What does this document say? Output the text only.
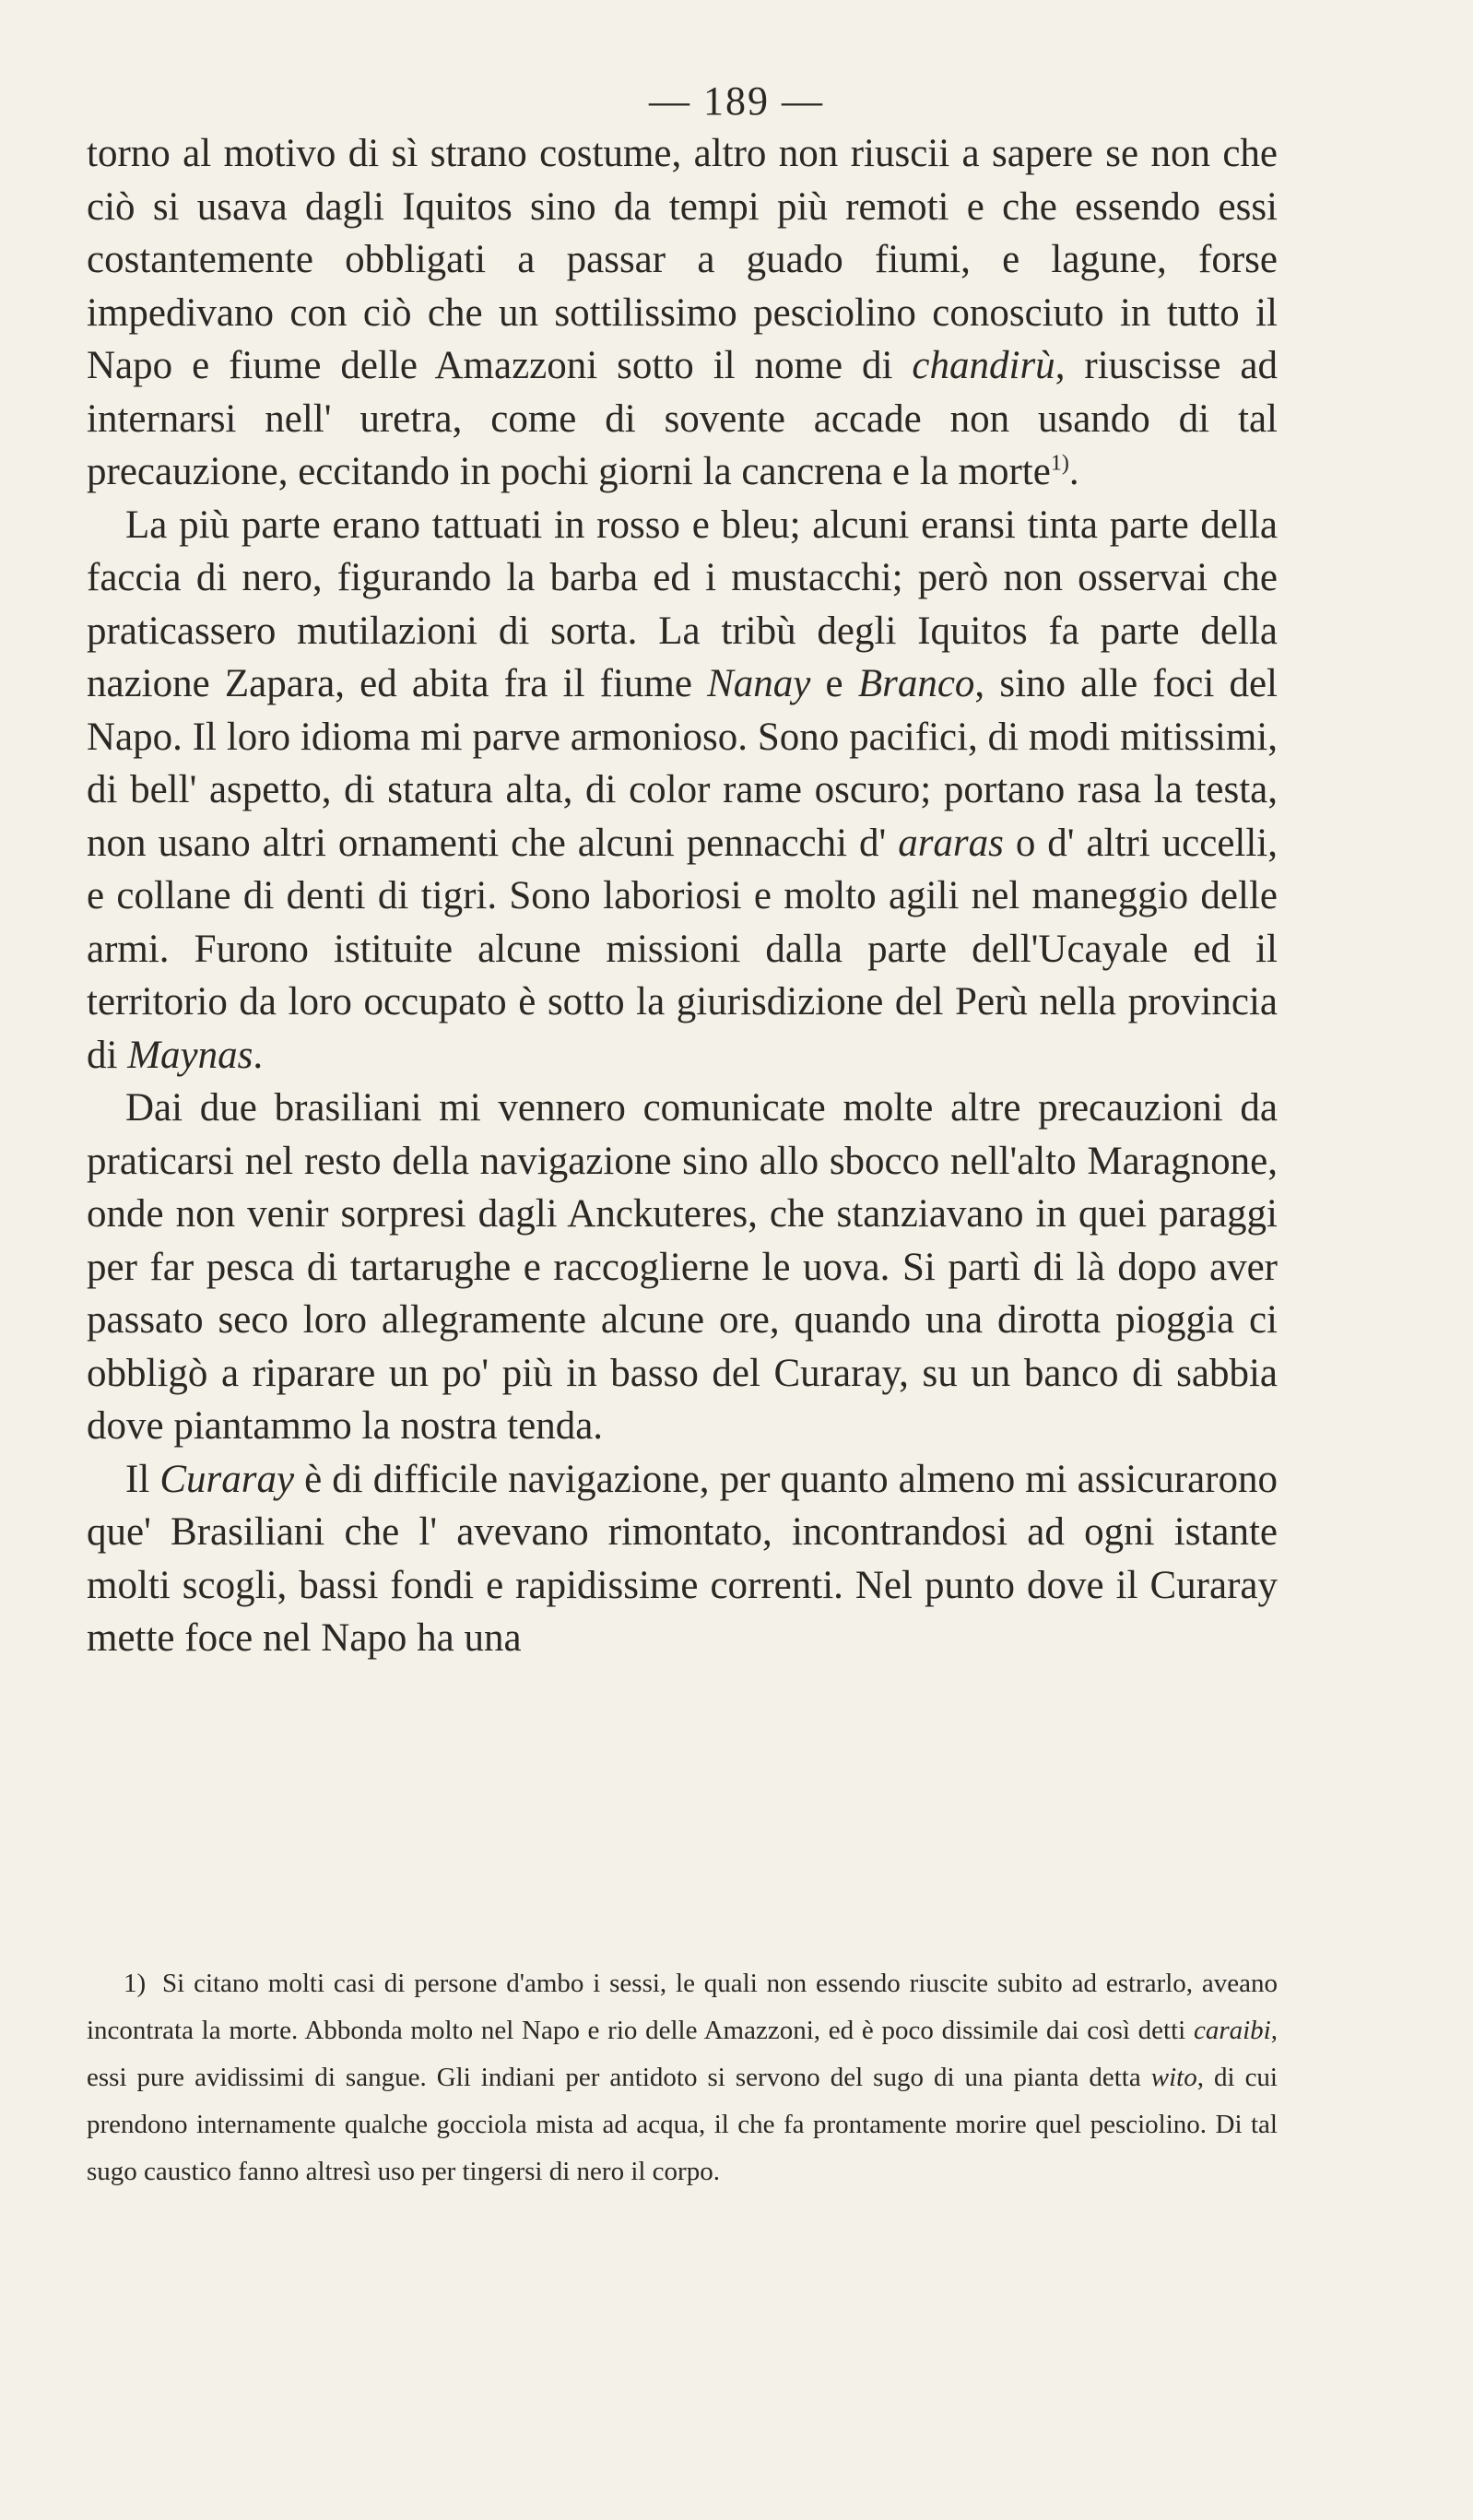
— 189 —

torno al motivo di sì strano costume, altro non riuscii a sapere se non che ciò si usava dagli Iquitos sino da tempi più remoti e che essendo essi costantemente obbligati a passar a guado fiumi, e lagune, forse impedivano con ciò che un sottilissimo pesciolino conosciuto in tutto il Napo e fiume delle Amazzoni sotto il nome di chandirù, riuscisse ad internarsi nell' uretra, come di sovente accade non usando di tal precauzione, eccitando in pochi giorni la cancrena e la morte$^{1)}$.

La più parte erano tattuati in rosso e bleu; alcuni eransi tinta parte della faccia di nero, figurando la barba ed i mustacchi; però non osservai che praticassero mutilazioni di sorta. La tribù degli Iquitos fa parte della nazione Zapara, ed abita fra il fiume Nanay e Branco, sino alle foci del Napo. Il loro idioma mi parve armonioso. Sono pacifici, di modi mitissimi, di bell' aspetto, di statura alta, di color rame oscuro; portano rasa la testa, non usano altri ornamenti che alcuni pennacchi d' araras o d' altri uccelli, e collane di denti di tigri. Sono laboriosi e molto agili nel maneggio delle armi. Furono istituite alcune missioni dalla parte dell'Ucayale ed il territorio da loro occupato è sotto la giurisdizione del Perù nella provincia di Maynas.

Dai due brasiliani mi vennero comunicate molte altre precauzioni da praticarsi nel resto della navigazione sino allo sbocco nell'alto Maragnone, onde non venir sorpresi dagli Anckuteres, che stanziavano in quei paraggi per far pesca di tartarughe e raccoglierne le uova. Si partì di là dopo aver passato seco loro allegramente alcune ore, quando una dirotta pioggia ci obbligò a riparare un po' più in basso del Curaray, su un banco di sabbia dove piantammo la nostra tenda.

Il Curaray è di difficile navigazione, per quanto almeno mi assicurarono que' Brasiliani che l' avevano rimontato, incontrandosi ad ogni istante molti scogli, bassi fondi e rapidissime correnti. Nel punto dove il Curaray mette foce nel Napo ha una

1) Si citano molti casi di persone d'ambo i sessi, le quali non essendo riuscite subito ad estrarlo, aveano incontrata la morte. Abbonda molto nel Napo e rio delle Amazzoni, ed è poco dissimile dai così detti caraibi, essi pure avidissimi di sangue. Gli indiani per antidoto si servono del sugo di una pianta detta wito, di cui prendono internamente qualche gocciola mista ad acqua, il che fa prontamente morire quel pesciolino. Di tal sugo caustico fanno altresì uso per tingersi di nero il corpo.
